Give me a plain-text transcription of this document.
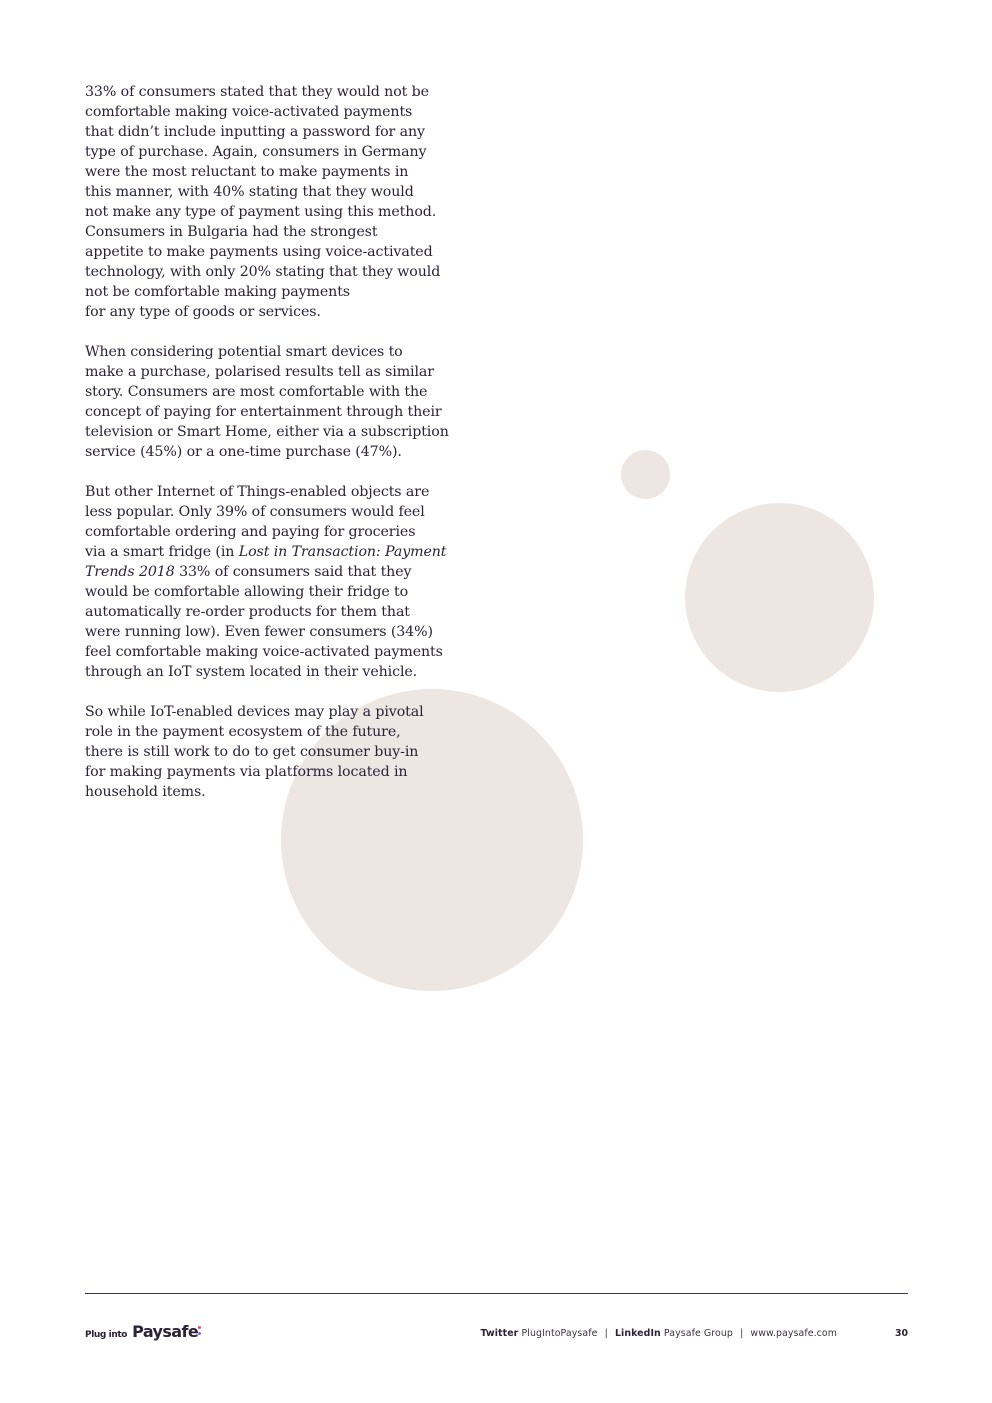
33% of consumers stated that they would not be
comfortable making voice-activated payments
that didn’t include inputting a password for any
type of purchase. Again, consumers in Germany
were the most reluctant to make payments in
this manner, with 40% stating that they would
not make any type of payment using this method.
Consumers in Bulgaria had the strongest
appetite to make payments using voice-activated
technology, with only 20% stating that they would
not be comfortable making payments
for any type of goods or services.

When considering potential smart devices to
make a purchase, polarised results tell as similar
story. Consumers are most comfortable with the
concept of paying for entertainment through their
television or Smart Home, either via a subscription
service (45%) or a one-time purchase (47%).

But other Internet of Things-enabled objects are
less popular. Only 39% of consumers would feel
comfortable ordering and paying for groceries
via a smart fridge (in Lost in Transaction: Payment
Trends 2018 33% of consumers said that they
would be comfortable allowing their fridge to
automatically re-order products for them that
were running low). Even fewer consumers (34%)
feel comfortable making voice-activated payments
through an IoT system located in their vehicle.

So while IoT-enabled devices may play a pivotal
role in the payment ecosystem of the future,
there is still work to do to get consumer buy-in
for making payments via platforms located in
household items.

Plug into Paysafe	Twitter PlugIntoPaysafe | LinkedIn Paysafe Group | www.paysafe.com	30
